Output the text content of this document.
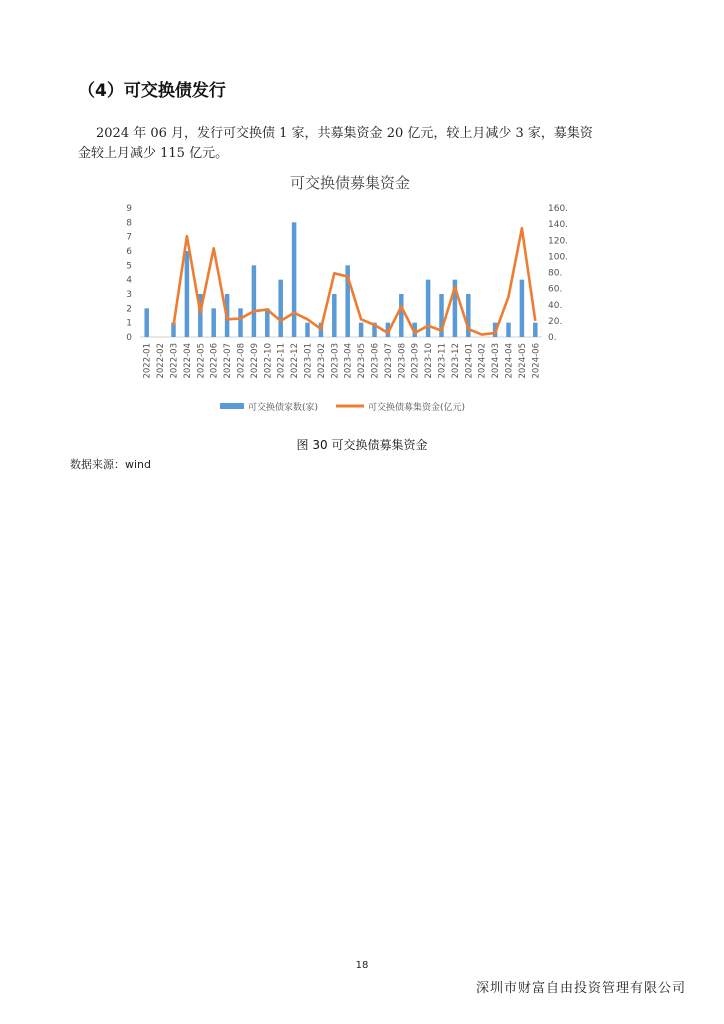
（4）可交换债发行
2024 年 06 月，发行可交换债 1 家，共募集资金 20 亿元，较上月减少 3 家，募集资
金较上月减少 115 亿元。
可交换债募集资金
0
1
2
3
4
5
6
7
8
9
0.
20.
40.
60.
80.
100.
120.
140.
160.
2022-01 2022-02 2022-03 2022-04 2022-05 2022-06 2022-07 2022-08 2022-09 2022-10 2022-11 2022-12 2023-01 2023-02 2023-03 2023-04 2023-05 2023-06 2023-07 2023-08 2023-09 2023-10 2023-11 2023-12 2024-01 2024-02 2024-03 2024-04 2024-05 2024-06
可交换债家数(家)	可交换债募集资金(亿元)
图 30 可交换债募集资金
数据来源：wind
18
深圳市财富自由投资管理有限公司
